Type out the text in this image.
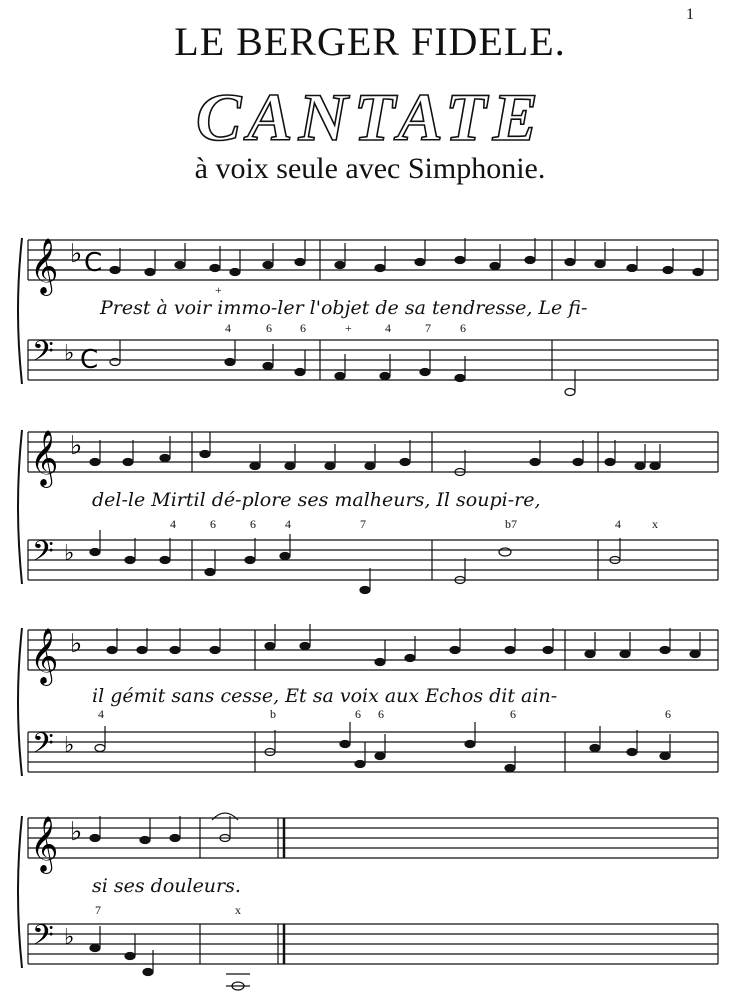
1
LE BERGER FIDELE.
CANTATE
à voix seule avec Simphonie.
𝄞 ♭ C
Prest à voir immo-ler l'objet de sa tendresse, Le fi-
𝄢 ♭ C
+
4	6 6	+	4	7 6
𝄞 ♭
del-le Mirtil dé-plore ses malheurs, Il soupi-re,
𝄢 ♭
4	6	6 4	7	b7	4	x
𝄞 ♭
il gémit sans cesse, Et sa voix aux Echos dit ain-
𝄢 ♭
4	b	6 6	6	6
𝄞 ♭
si ses douleurs.
𝄢 ♭
7	x
